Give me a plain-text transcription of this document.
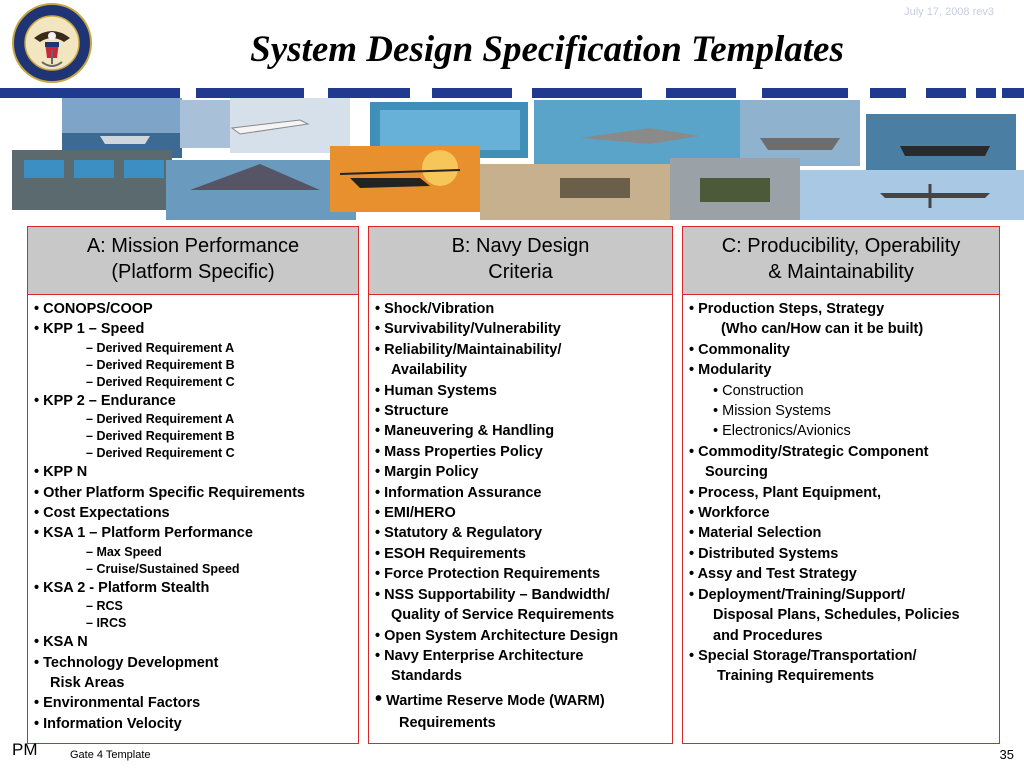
July 17, 2008 rev3
System Design Specification Templates
A: Mission Performance
(Platform Specific)
• CONOPS/COOP
• KPP 1 – Speed
– Derived Requirement A
– Derived Requirement B
– Derived Requirement C
• KPP 2 – Endurance
– Derived Requirement A
– Derived Requirement B
– Derived Requirement C
• KPP N
• Other Platform Specific Requirements
• Cost Expectations
• KSA 1 – Platform Performance
– Max Speed
– Cruise/Sustained Speed
• KSA 2 - Platform Stealth
– RCS
– IRCS
• KSA N
• Technology Development
Risk Areas
• Environmental Factors
• Information Velocity
B: Navy Design
Criteria
• Shock/Vibration
• Survivability/Vulnerability
• Reliability/Maintainability/
Availability
• Human Systems
• Structure
• Maneuvering & Handling
• Mass Properties Policy
• Margin Policy
• Information Assurance
• EMI/HERO
• Statutory & Regulatory
• ESOH Requirements
• Force Protection Requirements
• NSS Supportability – Bandwidth/
Quality of Service Requirements
• Open System Architecture Design
• Navy Enterprise Architecture
Standards
• Wartime Reserve Mode (WARM)
Requirements
C: Producibility, Operability
& Maintainability
• Production Steps, Strategy
(Who can/How can it be built)
• Commonality
• Modularity
• Construction
• Mission Systems
• Electronics/Avionics
• Commodity/Strategic Component
Sourcing
• Process, Plant Equipment,
• Workforce
• Material Selection
• Distributed Systems
• Assy and Test Strategy
• Deployment/Training/Support/
Disposal Plans, Schedules, Policies
and Procedures
• Special Storage/Transportation/
Training Requirements
PM	Gate 4 Template	35
